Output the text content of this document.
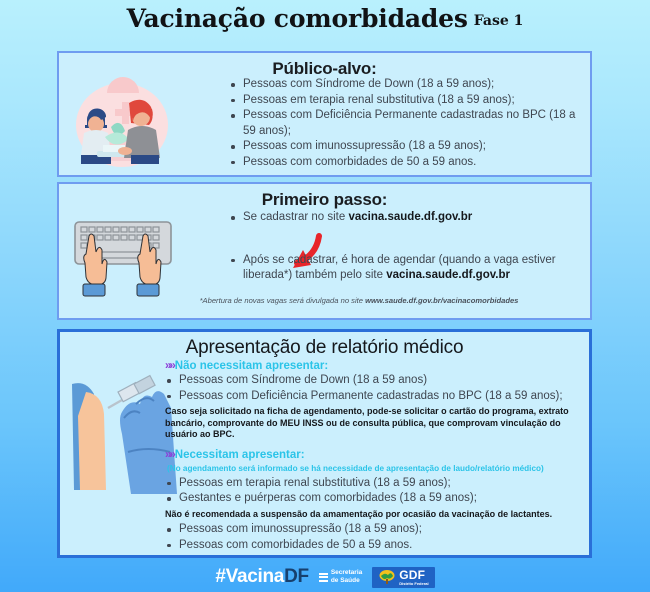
Vacinação comorbidades Fase 1
Público-alvo:
Pessoas com Síndrome de Down (18 a 59 anos);
Pessoas em terapia renal substitutiva (18 a 59 anos);
Pessoas com Deficiência Permanente cadastradas no BPC (18 a 59 anos);
Pessoas com imunossupressão (18 a 59 anos);
Pessoas com comorbidades de 50 a 59 anos.
Primeiro passo:
Se cadastrar no site vacina.saude.df.gov.br
Após se cadastrar, é hora de agendar (quando a vaga estiver liberada*) também pelo site vacina.saude.df.gov.br
*Abertura de novas vagas será divulgada no site www.saude.df.gov.br/vacinacomorbidades
Apresentação de relatório médico
»»Não necessitam apresentar:
Pessoas com Síndrome de Down (18 a 59 anos)
Pessoas com Deficiência Permanente cadastradas no BPC (18 a 59 anos);
Caso seja solicitado na ficha de agendamento, pode-se solicitar o cartão do programa, extrato bancário, comprovante do MEU INSS ou de consulta pública, que comprovam vinculação do usuário ao BPC.
»»Necessitam apresentar:
(No agendamento será informado se há necessidade de apresentação de laudo/relatório médico)
Pessoas em terapia renal substitutiva (18 a 59 anos);
Gestantes e puérperas com comorbidades (18 a 59 anos);
Não é recomendada a suspensão da amamentação por ocasião da vacinação de lactantes.
Pessoas com imunossupressão (18 a 59 anos);
Pessoas com comorbidades de 50 a 59 anos.
#VacinaDF	Secretaria
de Saúde	GDF
Distrito Federal
